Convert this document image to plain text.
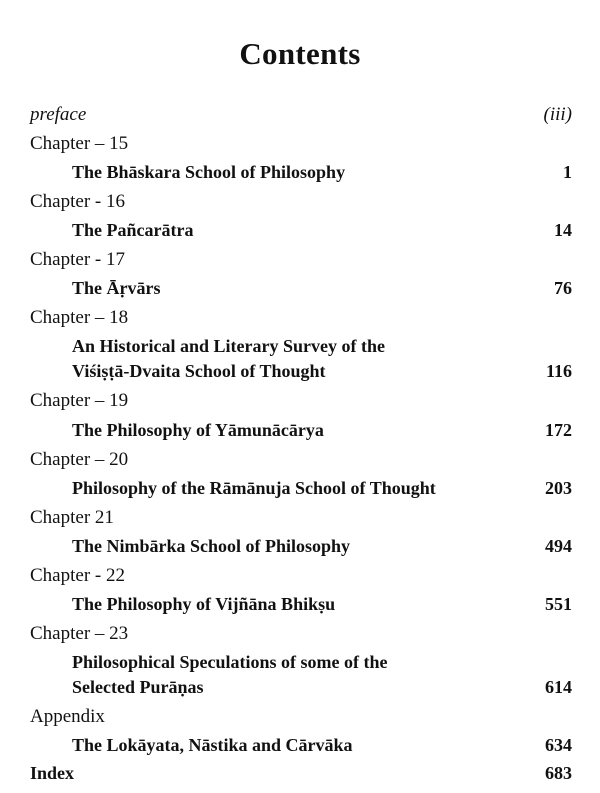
Contents
preface	(iii)
Chapter – 15
The Bhāskara School of Philosophy	1
Chapter - 16
The Pañcarātra	14
Chapter - 17
The Āṛvārs	76
Chapter – 18
An Historical and Literary Survey of the
Viśiṣṭā-Dvaita School of Thought	116
Chapter – 19
The Philosophy of Yāmunācārya	172
Chapter – 20
Philosophy of the Rāmānuja School of Thought	203
Chapter 21
The Nimbārka School of Philosophy	494
Chapter - 22
The Philosophy of Vijñāna Bhikṣu	551
Chapter – 23
Philosophical Speculations of some of the
Selected Purāṇas	614
Appendix
The Lokāyata, Nāstika and Cārvāka	634
Index	683
